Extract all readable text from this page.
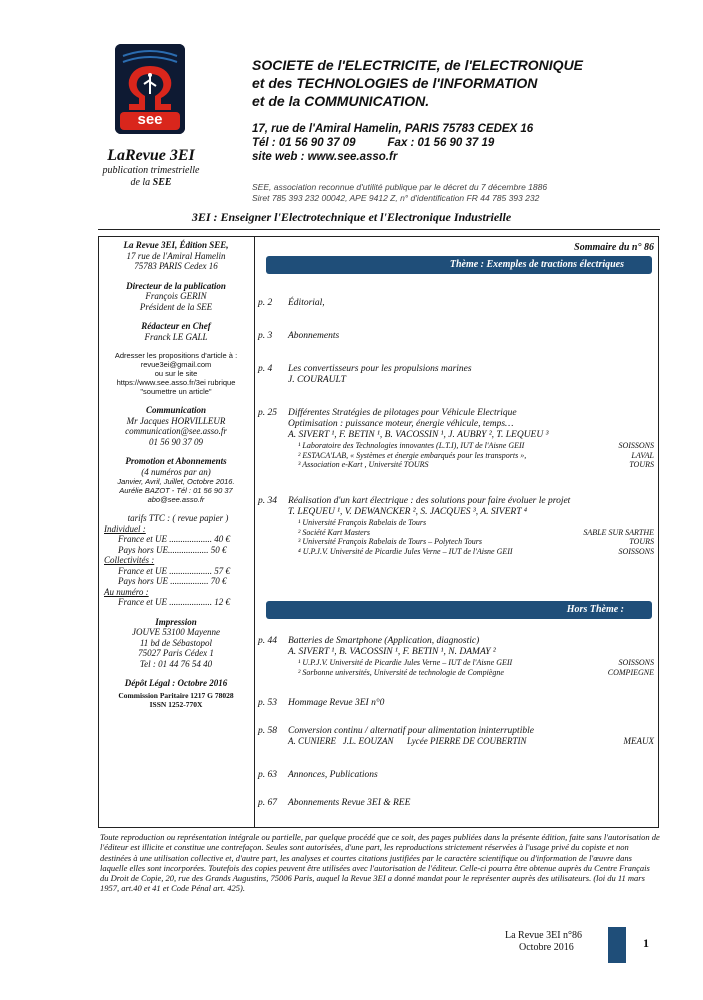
see
LaRevue 3EI
publication trimestrielle
de la SEE
SOCIETE de l'ELECTRICITE, de l'ELECTRONIQUE
et des TECHNOLOGIES de l'INFORMATION
et de la COMMUNICATION.
17, rue de l'Amiral Hamelin, PARIS 75783 CEDEX 16
Tél : 01 56 90 37 09          Fax : 01 56 90 37 19
site web : www.see.asso.fr
SEE, association reconnue d'utilité publique par le décret du 7 décembre 1886
Siret 785 393 232 00042, APE 9412 Z, n° d'identification FR 44 785 393 232
3EI : Enseigner l'Electrotechnique et l'Electronique Industrielle
La Revue 3EI, Édition SEE,
17 rue de l'Amiral Hamelin
75783 PARIS Cedex 16
Directeur de la publication
François GERIN
Président de la SEE
Rédacteur en Chef
Franck LE GALL
Adresser les propositions d'article à :
revue3ei@gmail.com
ou sur le site
https://www.see.asso.fr/3ei rubrique
"soumettre un article"
Communication
Mr Jacques HORVILLEUR
communication@see.asso.fr
01 56 90 37 09
Promotion et Abonnements
(4 numéros par an)
Janvier, Avril, Juillet, Octobre 2016.
Aurélie BAZOT - Tél : 01 56 90 37
abo@see.asso.fr
tarifs TTC : ( revue papier )
Individuel :
France et UE ................... 40 €
Pays hors UE.................. 50 €
Collectivités :
France et UE ................... 57 €
Pays hors UE ................. 70 €
Au numéro :
France et UE ................... 12 €
Impression
JOUVE 53100 Mayenne
11 bd de Sébastopol
75027 Paris Cédex 1
Tel : 01 44 76 54 40
Dépôt Légal : Octobre 2016
Commission Paritaire 1217 G 78028
ISSN 1252-770X
Sommaire du n° 86
Thème : Exemples de tractions électriques
p. 2	Éditorial,
p. 3	Abonnements
p. 4	Les convertisseurs pour les propulsions marines
J. COURAULT
p. 25	Différentes Stratégies de pilotages pour Véhicule Electrique
Optimisation : puissance moteur, énergie véhicule, temps…
A. SIVERT ¹, F. BETIN ¹, B. VACOSSIN ¹, J. AUBRY ², T. LEQUEU ³
¹ Laboratoire des Technologies innovantes (L.T.I), IUT de l'Aisne GEII	SOISSONS
² ESTACA'LAB, « Systèmes et énergie embarqués pour les transports »,	LAVAL
³ Association e-Kart , Université TOURS	TOURS
p. 34	Réalisation d'un kart électrique : des solutions pour faire évoluer le projet
T. LEQUEU ¹, V. DEWANCKER ², S. JACQUES ³, A. SIVERT ⁴
¹ Université François Rabelais de Tours
² Société Kart Masters	SABLE SUR SARTHE
³ Université François Rabelais de Tours – Polytech Tours	TOURS
⁴ U.P.J.V. Université de Picardie Jules Verne – IUT de l'Aisne GEII	SOISSONS
Hors Thème :
p. 44	Batteries de Smartphone (Application, diagnostic)
A. SIVERT ¹, B. VACOSSIN ¹, F. BETIN ¹, N. DAMAY ²
¹ U.P.J.V. Université de Picardie Jules Verne – IUT de l'Aisne GEII	SOISSONS
² Sorbonne universités, Université de technologie de Compiègne	COMPIEGNE
p. 53	Hommage Revue 3EI n°0
p. 58	Conversion continu / alternatif pour alimentation ininterruptible
A. CUNIERE   J.L. EOUZAN      Lycée PIERRE DE COUBERTIN	MEAUX
p. 63	Annonces, Publications
p. 67	Abonnements Revue 3EI & REE
Toute reproduction ou représentation intégrale ou partielle, par quelque procédé que ce soit, des pages publiées dans la présente édition, faite sans l'autorisation de l'éditeur est illicite et constitue une contrefaçon. Seules sont autorisées, d'une part, les reproductions strictement réservées à l'usage privé du copiste et non destinées à une utilisation collective et, d'autre part, les analyses et courtes citations justifiées par le caractère scientifique ou d'information de l'œuvre dans laquelle elles sont incorporées. Toutefois des copies peuvent être utilisées avec l'autorisation de l'éditeur. Celle-ci pourra être obtenue auprès du Centre Français du Droit de Copie, 20, rue des Grands Augustins, 75006 Paris, auquel la Revue 3EI a donné mandat pour le représenter auprès des utilisateurs. (loi du 11 mars 1957, art.40 et 41 et Code Pénal art. 425).
La Revue 3EI n°86
Octobre 2016	1
